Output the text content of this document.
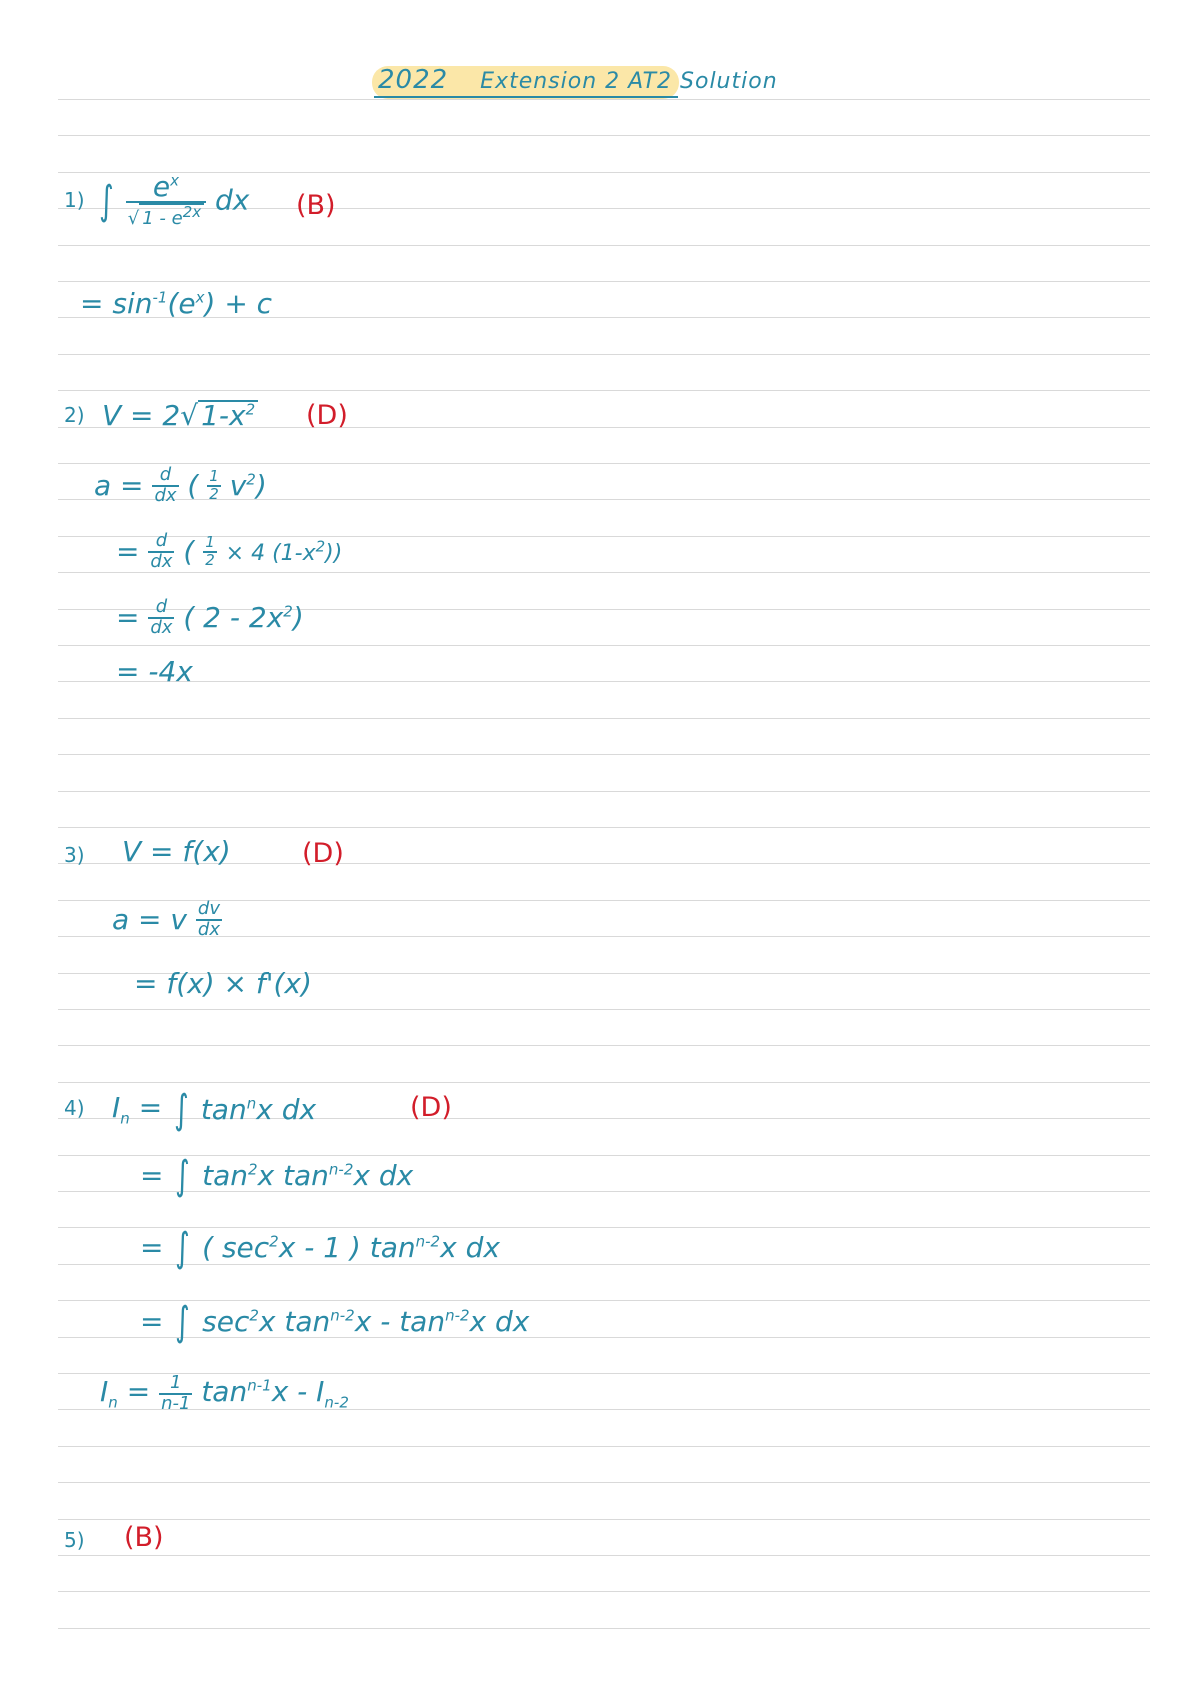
2022 Extension 2 AT2 Solution
1) ∫ $\frac{e^x}{√ 1 - e^{2x}}$ dx (B)
= $\sin^{-1}(e^x) + c$
2) V = 2√ $1-x^2$ (D)
$a = \frac{d}{dx}$ ( $\frac{1}{2} v^2$)
= $\frac{d}{dx}$ ( $\frac{1}{2} \times 4$ $(1-x^2)$)
= $\frac{d}{dx}$ ( $2 - 2x^2$)
= -4x
3) V = f(x)	(D)
a = v $\frac{dv}{dx}$
= f(x) × f'(x)
4) $I_n$ = ∫ $\tan^nx$ dx	(D)
= ∫ $\tan^2x$ $\tan^{n-2}x$ dx
= ∫ ( $\sec^2x - 1$ ) $\tan^{n-2}x$ dx
= ∫ $\sec^2x$ $\tan^{n-2}x - \tan^{n-2}x$ dx
$I_n = \frac{1}{n-1} \tan^{n-1}x - I_{n-2}$
5) (B)
